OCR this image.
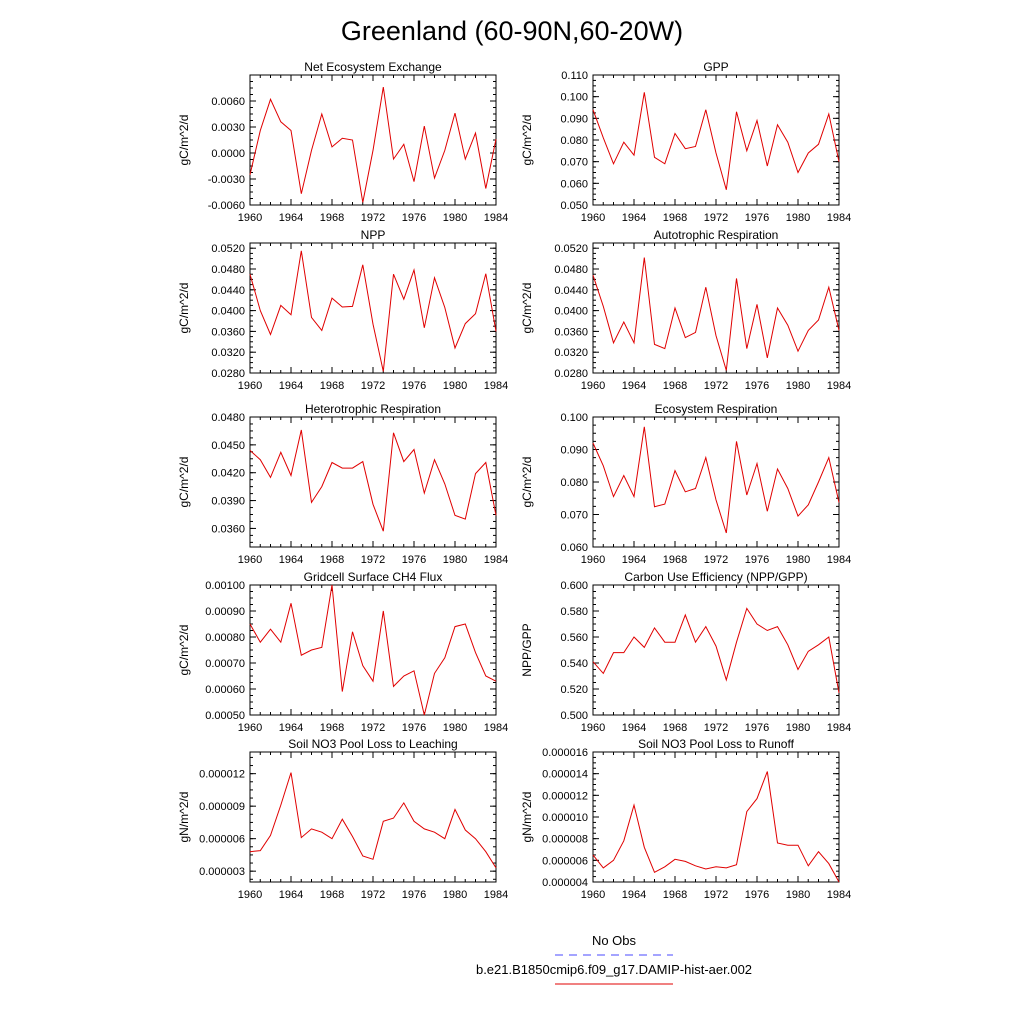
Greenland (60-90N,60-20W)
Net Ecosystem Exchange
gC/m^2/d
1960 1964 1968 1972 1976 1980 1984
-0.0060
-0.0030
0.0000
0.0030
0.0060
GPP
gC/m^2/d
1960 1964 1968 1972 1976 1980 1984
0.050
0.060
0.070
0.080
0.090
0.100
0.110
NPP
gC/m^2/d
1960 1964 1968 1972 1976 1980 1984
0.0280
0.0320
0.0360
0.0400
0.0440
0.0480
0.0520
Autotrophic Respiration
gC/m^2/d
1960 1964 1968 1972 1976 1980 1984
0.0280
0.0320
0.0360
0.0400
0.0440
0.0480
0.0520
Heterotrophic Respiration
gC/m^2/d
1960 1964 1968 1972 1976 1980 1984
0.0360
0.0390
0.0420
0.0450
0.0480
Ecosystem Respiration
gC/m^2/d
1960 1964 1968 1972 1976 1980 1984
0.060
0.070
0.080
0.090
0.100
Gridcell Surface CH4 Flux
gC/m^2/d
1960 1964 1968 1972 1976 1980 1984
0.00050
0.00060
0.00070
0.00080
0.00090
0.00100
Carbon Use Efficiency (NPP/GPP)
NPP/GPP
1960 1964 1968 1972 1976 1980 1984
0.500
0.520
0.540
0.560
0.580
0.600
Soil NO3 Pool Loss to Leaching
gN/m^2/d
1960 1964 1968 1972 1976 1980 1984
0.000003
0.000006
0.000009
0.000012
Soil NO3 Pool Loss to Runoff
gN/m^2/d
1960 1964 1968 1972 1976 1980 1984
0.000004
0.000006
0.000008
0.000010
0.000012
0.000014
0.000016
No Obs
b.e21.B1850cmip6.f09_g17.DAMIP-hist-aer.002
